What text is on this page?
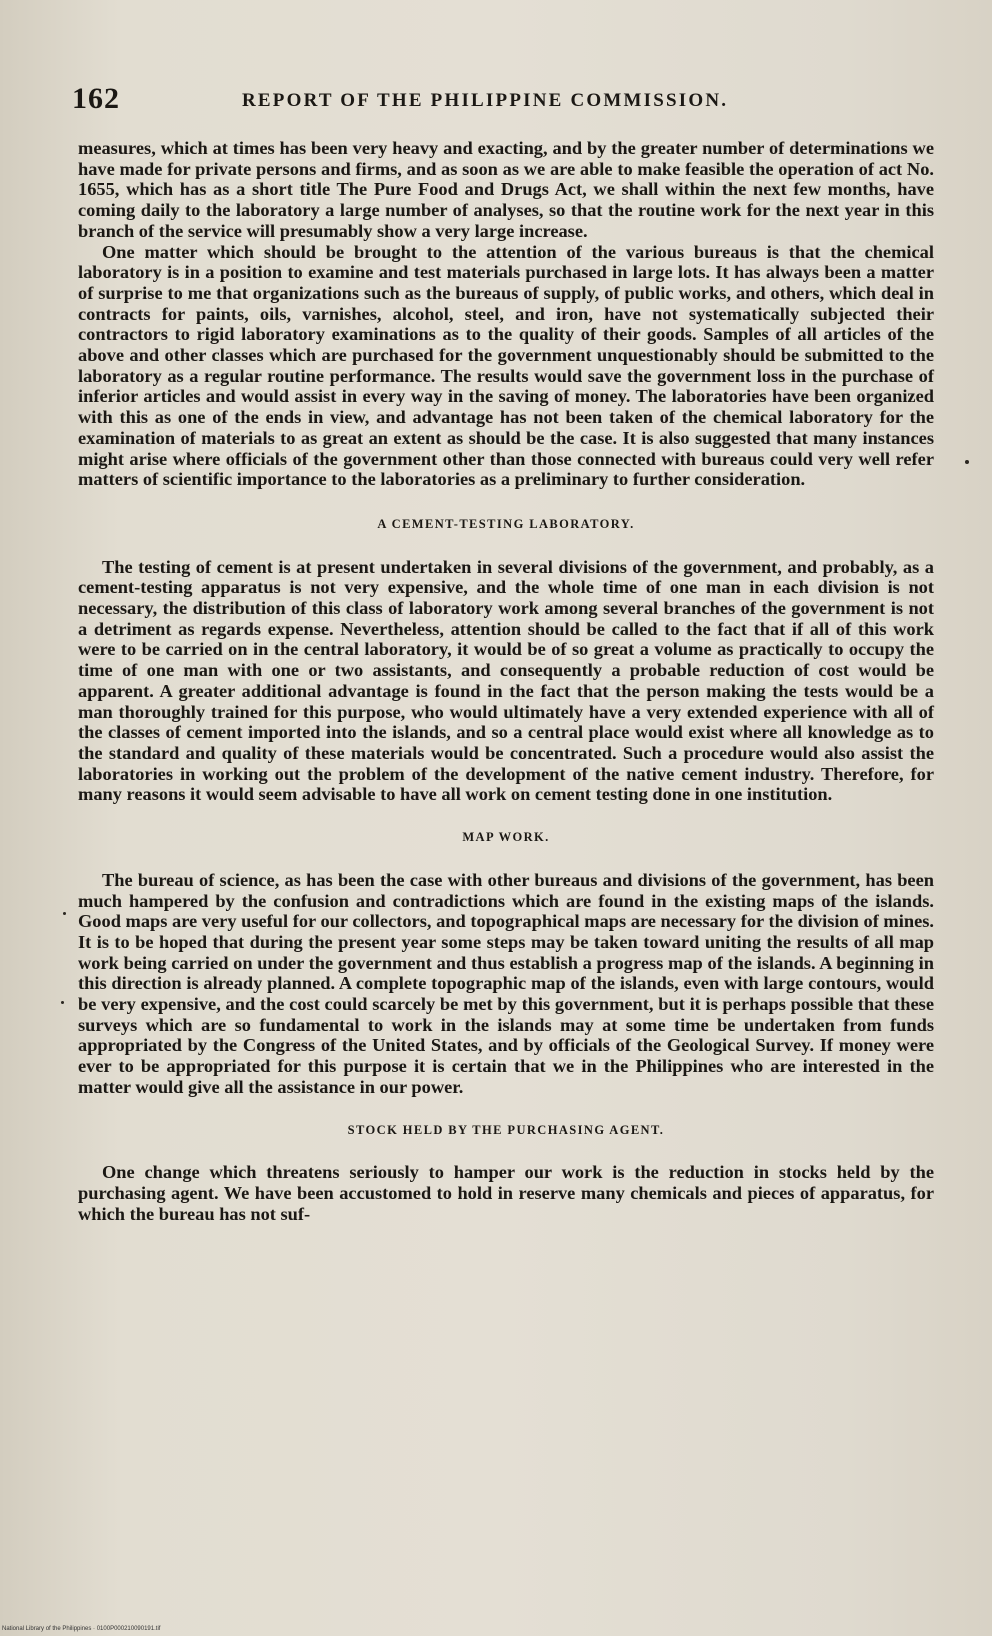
162	REPORT OF THE PHILIPPINE COMMISSION.

measures, which at times has been very heavy and exacting, and by the greater number of determinations we have made for private persons and firms, and as soon as we are able to make feasible the operation of act No. 1655, which has as a short title The Pure Food and Drugs Act, we shall within the next few months, have coming daily to the laboratory a large number of analyses, so that the routine work for the next year in this branch of the service will presumably show a very large increase.

One matter which should be brought to the attention of the various bureaus is that the chemical laboratory is in a position to examine and test materials purchased in large lots. It has always been a matter of surprise to me that organizations such as the bureaus of supply, of public works, and others, which deal in contracts for paints, oils, varnishes, alcohol, steel, and iron, have not systematically subjected their contractors to rigid laboratory examinations as to the quality of their goods. Samples of all articles of the above and other classes which are purchased for the government unquestionably should be submitted to the laboratory as a regular routine performance. The results would save the government loss in the purchase of inferior articles and would assist in every way in the saving of money. The laboratories have been organized with this as one of the ends in view, and advantage has not been taken of the chemical laboratory for the examination of materials to as great an extent as should be the case. It is also suggested that many instances might arise where officials of the government other than those connected with bureaus could very well refer matters of scientific importance to the laboratories as a preliminary to further consideration.

A CEMENT-TESTING LABORATORY.

The testing of cement is at present undertaken in several divisions of the government, and probably, as a cement-testing apparatus is not very expensive, and the whole time of one man in each division is not necessary, the distribution of this class of laboratory work among several branches of the government is not a detriment as regards expense. Nevertheless, attention should be called to the fact that if all of this work were to be carried on in the central laboratory, it would be of so great a volume as practically to occupy the time of one man with one or two assistants, and consequently a probable reduction of cost would be apparent. A greater additional advantage is found in the fact that the person making the tests would be a man thoroughly trained for this purpose, who would ultimately have a very extended experience with all of the classes of cement imported into the islands, and so a central place would exist where all knowledge as to the standard and quality of these materials would be concentrated. Such a procedure would also assist the laboratories in working out the problem of the development of the native cement industry. Therefore, for many reasons it would seem advisable to have all work on cement testing done in one institution.

MAP WORK.

The bureau of science, as has been the case with other bureaus and divisions of the government, has been much hampered by the confusion and contradictions which are found in the existing maps of the islands. Good maps are very useful for our collectors, and topographical maps are necessary for the division of mines. It is to be hoped that during the present year some steps may be taken toward uniting the results of all map work being carried on under the government and thus establish a progress map of the islands. A beginning in this direction is already planned. A complete topographic map of the islands, even with large contours, would be very expensive, and the cost could scarcely be met by this government, but it is perhaps possible that these surveys which are so fundamental to work in the islands may at some time be undertaken from funds appropriated by the Congress of the United States, and by officials of the Geological Survey. If money were ever to be appropriated for this purpose it is certain that we in the Philippines who are interested in the matter would give all the assistance in our power.

STOCK HELD BY THE PURCHASING AGENT.

One change which threatens seriously to hamper our work is the reduction in stocks held by the purchasing agent. We have been accustomed to hold in reserve many chemicals and pieces of apparatus, for which the bureau has not suf-

National Library of the Philippines · 0100P000210090191.tif
